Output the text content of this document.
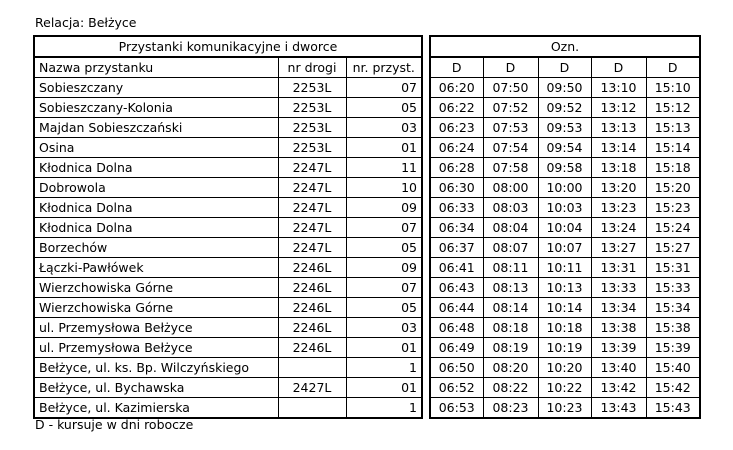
Relacja: Bełżyce
Przystanki komunikacyjne i dworce				Ozn.				
Nazwa przystanku	nr drogi	nr. przyst.		D	D	D	D	D
Sobieszczany	2253L	07		06:20	07:50	09:50	13:10	15:10
Sobieszczany-Kolonia	2253L	05		06:22	07:52	09:52	13:12	15:12
Majdan Sobieszczański	2253L	03		06:23	07:53	09:53	13:13	15:13
Osina	2253L	01		06:24	07:54	09:54	13:14	15:14
Kłodnica Dolna	2247L	11		06:28	07:58	09:58	13:18	15:18
Dobrowola	2247L	10		06:30	08:00	10:00	13:20	15:20
Kłodnica Dolna	2247L	09		06:33	08:03	10:03	13:23	15:23
Kłodnica Dolna	2247L	07		06:34	08:04	10:04	13:24	15:24
Borzechów	2247L	05		06:37	08:07	10:07	13:27	15:27
Łączki-Pawłówek	2246L	09		06:41	08:11	10:11	13:31	15:31
Wierzchowiska Górne	2246L	07		06:43	08:13	10:13	13:33	15:33
Wierzchowiska Górne	2246L	05		06:44	08:14	10:14	13:34	15:34
ul. Przemysłowa Bełżyce	2246L	03		06:48	08:18	10:18	13:38	15:38
ul. Przemysłowa Bełżyce	2246L	01		06:49	08:19	10:19	13:39	15:39
Bełżyce, ul. ks. Bp. Wilczyńskiego		1		06:50	08:20	10:20	13:40	15:40
Bełżyce, ul. Bychawska	2427L	01		06:52	08:22	10:22	13:42	15:42
Bełżyce, ul. Kazimierska		1		06:53	08:23	10:23	13:43	15:43
D - kursuje w dni robocze
